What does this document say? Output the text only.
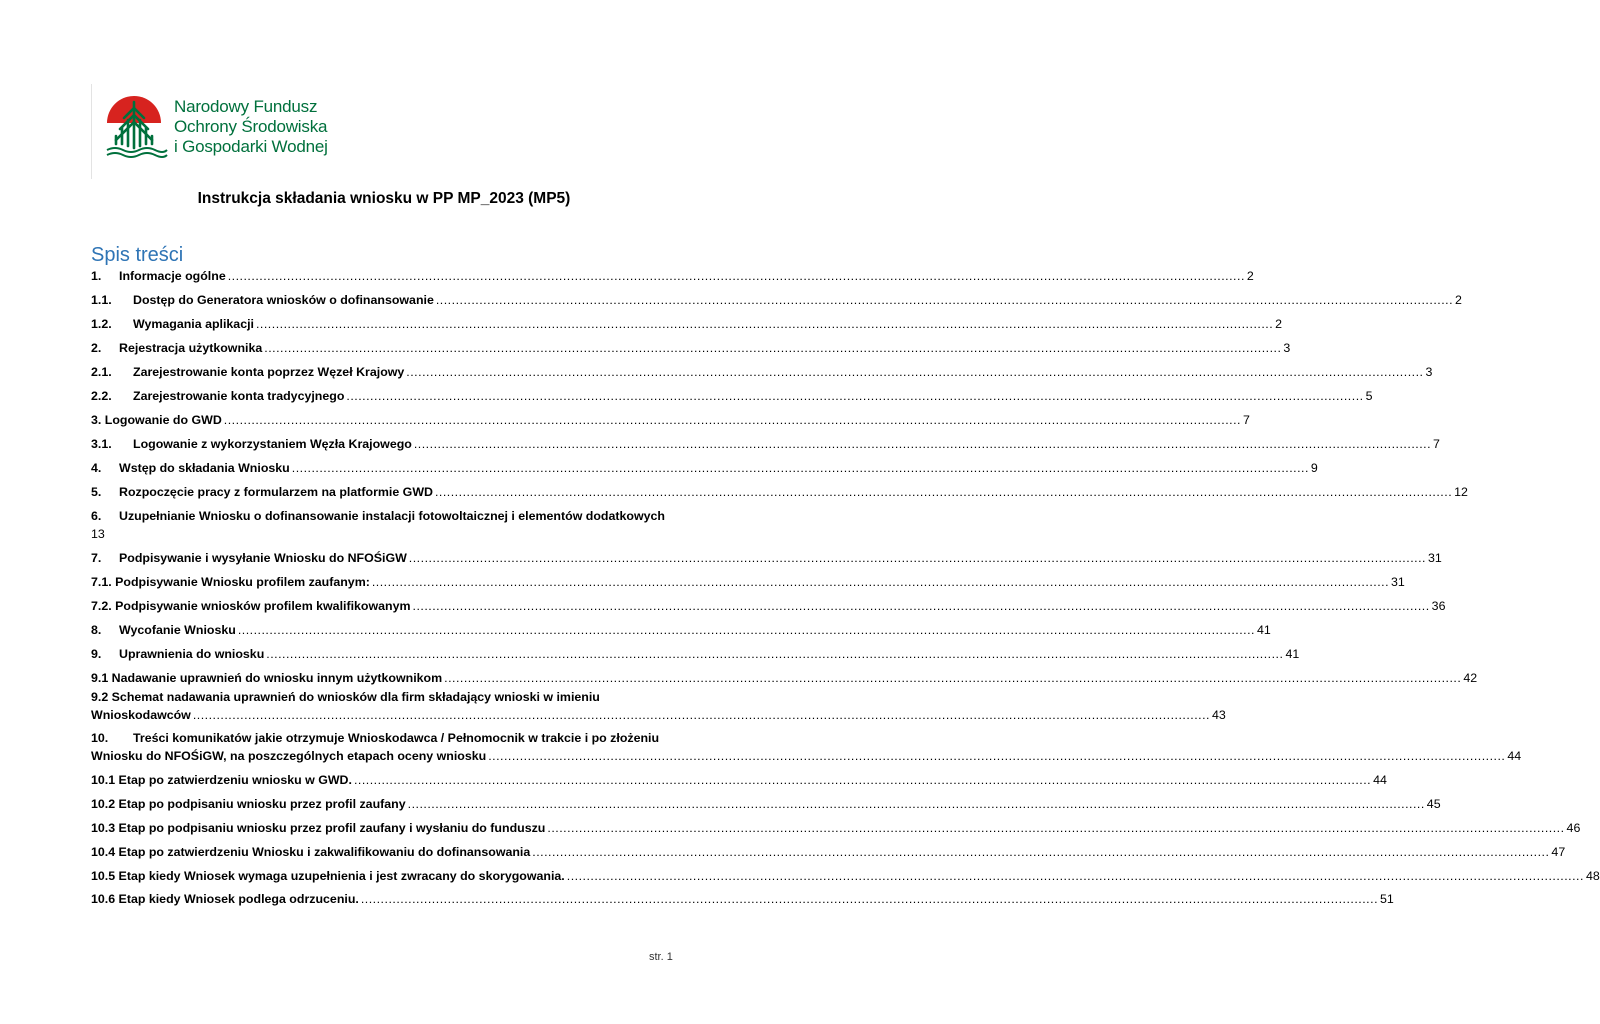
Narodowy Fundusz
Ochrony Środowiska
i Gospodarki Wodnej
Instrukcja składania wniosku w PP MP_2023 (MP5)
Spis treści
1.	Informacje ogólne .....	2
1.1.	Dostęp do Generatora wniosków o dofinansowanie .....	2
1.2.	Wymagania aplikacji .....	2
2.	Rejestracja użytkownika .....	3
2.1.	Zarejestrowanie konta poprzez Węzeł Krajowy .....	3
2.2.	Zarejestrowanie konta tradycyjnego .....	5
3. Logowanie do GWD .....	7
3.1.	Logowanie z wykorzystaniem Węzła Krajowego .....	7
4.	Wstęp do składania Wniosku .....	9
5.	Rozpoczęcie pracy z formularzem na platformie GWD .....	12
6. Uzupełnianie Wniosku o dofinansowanie instalacji fotowoltaicznej i elementów dodatkowych
13
7.	Podpisywanie i wysyłanie Wniosku do NFOŚiGW .....	31
7.1. Podpisywanie Wniosku profilem zaufanym: .....	31
7.2. Podpisywanie wniosków profilem kwalifikowanym .....	36
8.	Wycofanie Wniosku .....	41
9.	Uprawnienia do wniosku .....	41
9.1 Nadawanie uprawnień do wniosku innym użytkownikom .....	42
9.2 Schemat nadawania uprawnień do wniosków dla firm składający wnioski w imieniu
Wnioskodawców .....	43
10. Treści komunikatów jakie otrzymuje Wnioskodawca / Pełnomocnik w trakcie i po złożeniu
Wniosku do NFOŚiGW, na poszczególnych etapach oceny wniosku .....	44
10.1 Etap po zatwierdzeniu wniosku w GWD. .....	44
10.2 Etap po podpisaniu wniosku przez profil zaufany .....	45
10.3 Etap po podpisaniu wniosku przez profil zaufany i wysłaniu do funduszu .....	46
10.4 Etap po zatwierdzeniu Wniosku i zakwalifikowaniu do dofinansowania .....	47
10.5 Etap kiedy Wniosek wymaga uzupełnienia i jest zwracany do skorygowania. .....	48
10.6 Etap kiedy Wniosek podlega odrzuceniu. .....	51
str. 1
